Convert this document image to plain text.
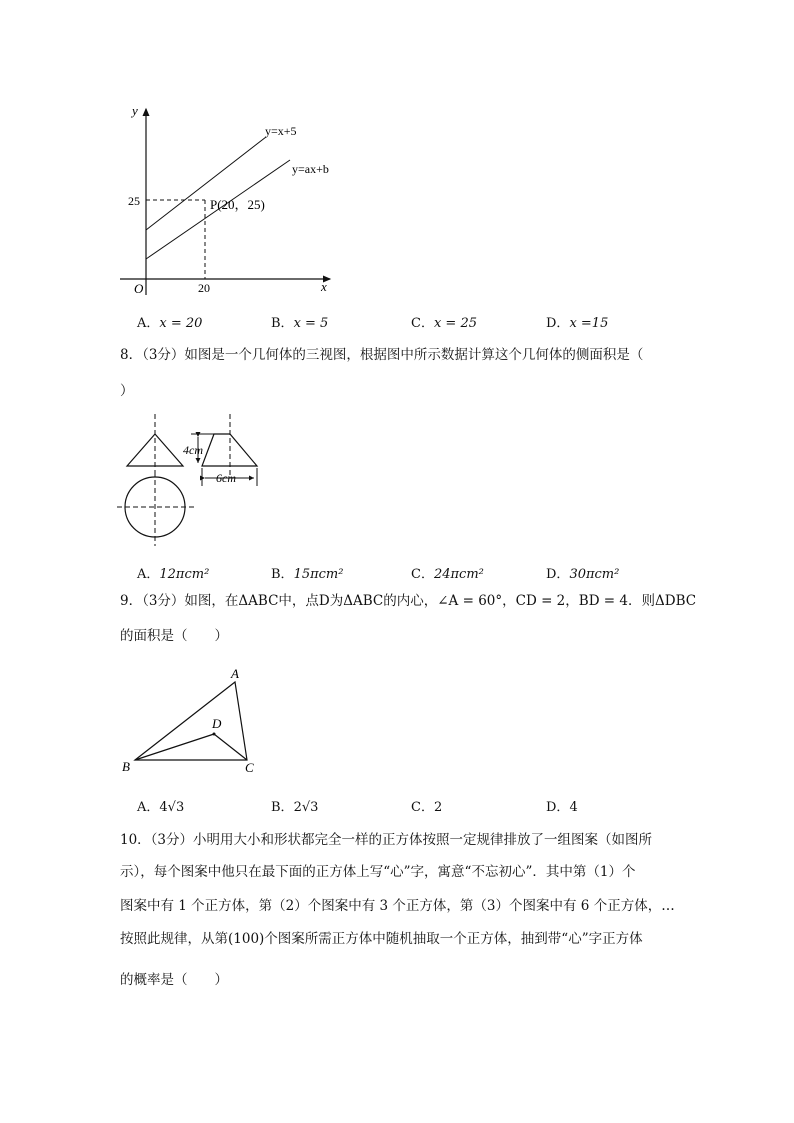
y
x
O
y=x+5
y=ax+b
25
20
P(20，25)
A．x = 20	B．x = 5	C．x = 25	D．x =15
8．（3分）如图是一个几何体的三视图，根据图中所示数据计算这个几何体的侧面积是（
）
4cm
6cm
A．12πcm²	B．15πcm²	C．24πcm²	D．30πcm²
9．（3分）如图，在ΔABC中，点D为ΔABC的内心，∠A = 60°，CD = 2，BD = 4．则ΔDBC
的面积是（　　）
A
B	C
D
A．4√3	B．2√3	C．2	D．4
10．（3分）小明用大小和形状都完全一样的正方体按照一定规律排放了一组图案（如图所
示），每个图案中他只在最下面的正方体上写“心”字，寓意“不忘初心”．其中第（1）个
图案中有 1 个正方体，第（2）个图案中有 3 个正方体，第（3）个图案中有 6 个正方体，…
按照此规律，从第(100)个图案所需正方体中随机抽取一个正方体，抽到带“心”字正方体
的概率是（　　）
